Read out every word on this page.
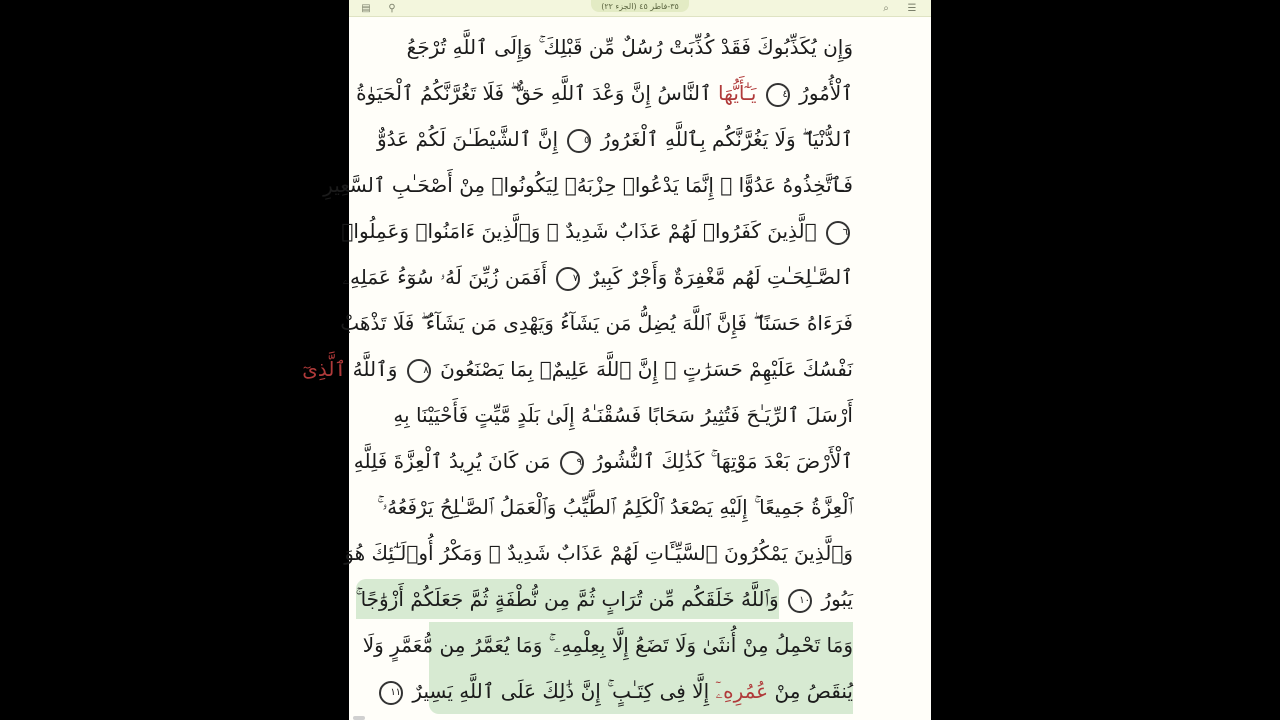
▤	⚲	٣٥-فاطر ٤٥ (الجزء ٢٢)	⌕	☰
وَإِن يُكَذِّبُوكَ فَقَدْ كُذِّبَتْ رُسُلٌ مِّن قَبْلِكَ ۚ وَإِلَى ٱللَّهِ تُرْجَعُ
ٱلْأُمُورُ ٤ يَـٰٓأَيُّهَا ٱلنَّاسُ إِنَّ وَعْدَ ٱللَّهِ حَقٌّ ۖ فَلَا تَغُرَّنَّكُمُ ٱلْحَيَوٰةُ
ٱلدُّنْيَا ۖ وَلَا يَغُرَّنَّكُم بِٱللَّهِ ٱلْغَرُورُ ٥ إِنَّ ٱلشَّيْطَـٰنَ لَكُمْ عَدُوٌّ
فَٱتَّخِذُوهُ عَدُوًّا ۚ إِنَّمَا يَدْعُوا۟ حِزْبَهُۥ لِيَكُونُوا۟ مِنْ أَصْحَـٰبِ ٱلسَّعِيرِ
٦ ٱلَّذِينَ كَفَرُوا۟ لَهُمْ عَذَابٌ شَدِيدٌ ۖ وَٱلَّذِينَ ءَامَنُوا۟ وَعَمِلُوا۟
ٱلصَّـٰلِحَـٰتِ لَهُم مَّغْفِرَةٌ وَأَجْرٌ كَبِيرٌ ٧ أَفَمَن زُيِّنَ لَهُۥ سُوٓءُ عَمَلِهِۦ
فَرَءَاهُ حَسَنًا ۖ فَإِنَّ ٱللَّهَ يُضِلُّ مَن يَشَآءُ وَيَهْدِى مَن يَشَآءُ ۖ فَلَا تَذْهَبْ
نَفْسُكَ عَلَيْهِمْ حَسَرَٰتٍ ۚ إِنَّ ٱللَّهَ عَلِيمٌۢ بِمَا يَصْنَعُونَ ٨ وَٱللَّهُ ٱلَّذِىٓ
أَرْسَلَ ٱلرِّيَـٰحَ فَتُثِيرُ سَحَابًا فَسُقْنَـٰهُ إِلَىٰ بَلَدٍ مَّيِّتٍ فَأَحْيَيْنَا بِهِ
ٱلْأَرْضَ بَعْدَ مَوْتِهَا ۚ كَذَٰلِكَ ٱلنُّشُورُ ٩ مَن كَانَ يُرِيدُ ٱلْعِزَّةَ فَلِلَّهِ
ٱلْعِزَّةُ جَمِيعًا ۚ إِلَيْهِ يَصْعَدُ ٱلْكَلِمُ ٱلطَّيِّبُ وَٱلْعَمَلُ ٱلصَّـٰلِحُ يَرْفَعُهُۥ ۚ
وَٱلَّذِينَ يَمْكُرُونَ ٱلسَّيِّـَٔاتِ لَهُمْ عَذَابٌ شَدِيدٌ ۖ وَمَكْرُ أُو۟لَـٰٓئِكَ هُوَ
يَبُورُ ١٠ وَٱللَّهُ خَلَقَكُم مِّن تُرَابٍ ثُمَّ مِن نُّطْفَةٍ ثُمَّ جَعَلَكُمْ أَزْوَٰجًا ۚ
وَمَا تَحْمِلُ مِنْ أُنثَىٰ وَلَا تَضَعُ إِلَّا بِعِلْمِهِۦ ۚ وَمَا يُعَمَّرُ مِن مُّعَمَّرٍ وَلَا
يُنقَصُ مِنْ عُمُرِهِۦٓ إِلَّا فِى كِتَـٰبٍ ۚ إِنَّ ذَٰلِكَ عَلَى ٱللَّهِ يَسِيرٌ ١١
